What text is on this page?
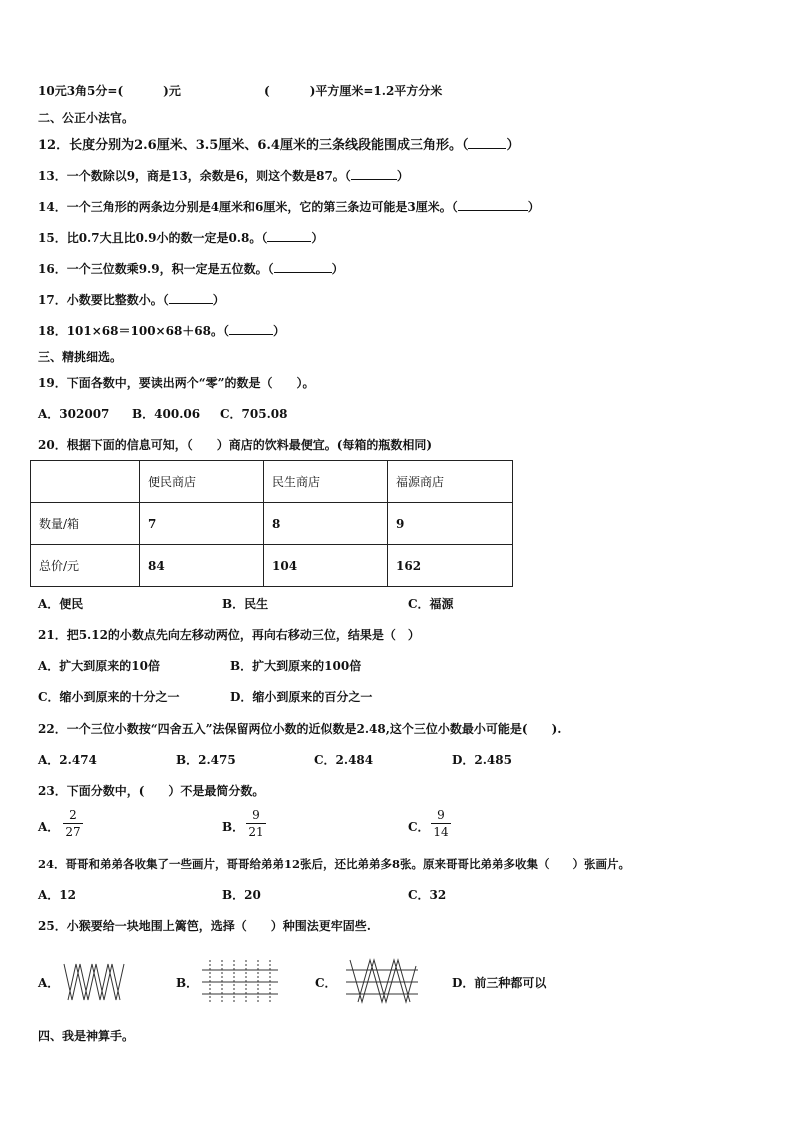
10元3角5分=(	)元	(	)平方厘米=1.2平方分米
二、公正小法官。
12．长度分别为2.6厘米、3.5厘米、6.4厘米的三条线段能围成三角形。（	）
13．一个数除以9，商是13，余数是6，则这个数是87。（	）
14．一个三角形的两条边分别是4厘米和6厘米，它的第三条边可能是3厘米。（	）
15．比0.7大且比0.9小的数一定是0.8。（	）
16．一个三位数乘9.9，积一定是五位数。（	）
17．小数要比整数小。（	）
18．101×68＝100×68＋68。（	）
三、精挑细选。
19．下面各数中，要读出两个“零”的数是（　　）。
A．302007 B．400.06 C．705.08
20．根据下面的信息可知，（　　）商店的饮料最便宜。(每箱的瓶数相同)
	便民商店	民生商店	福源商店
数量/箱	7	8	9
总价/元	84	104	162
A．便民	B．民生	C．福源
21．把5.12的小数点先向左移动两位，再向右移动三位，结果是（　）
A．扩大到原来的10倍	B．扩大到原来的100倍
C．缩小到原来的十分之一	D．缩小到原来的百分之一
22．一个三位小数按“四舍五入”法保留两位小数的近似数是2.48,这个三位小数最小可能是(　　).
A．2.474	B．2.475	C．2.484	D．2.485
23．下面分数中，(　　）不是最简分数。
A．
2
27	B．
9
21	C．
9
14
24．哥哥和弟弟各收集了一些画片，哥哥给弟弟12张后，还比弟弟多8张。原来哥哥比弟弟多收集（　　）张画片。
A．12	B．20	C．32
25．小猴要给一块地围上篱笆，选择（　　）种围法更牢固些.
A．	B．	C．	D．前三种都可以
四、我是神算手。
